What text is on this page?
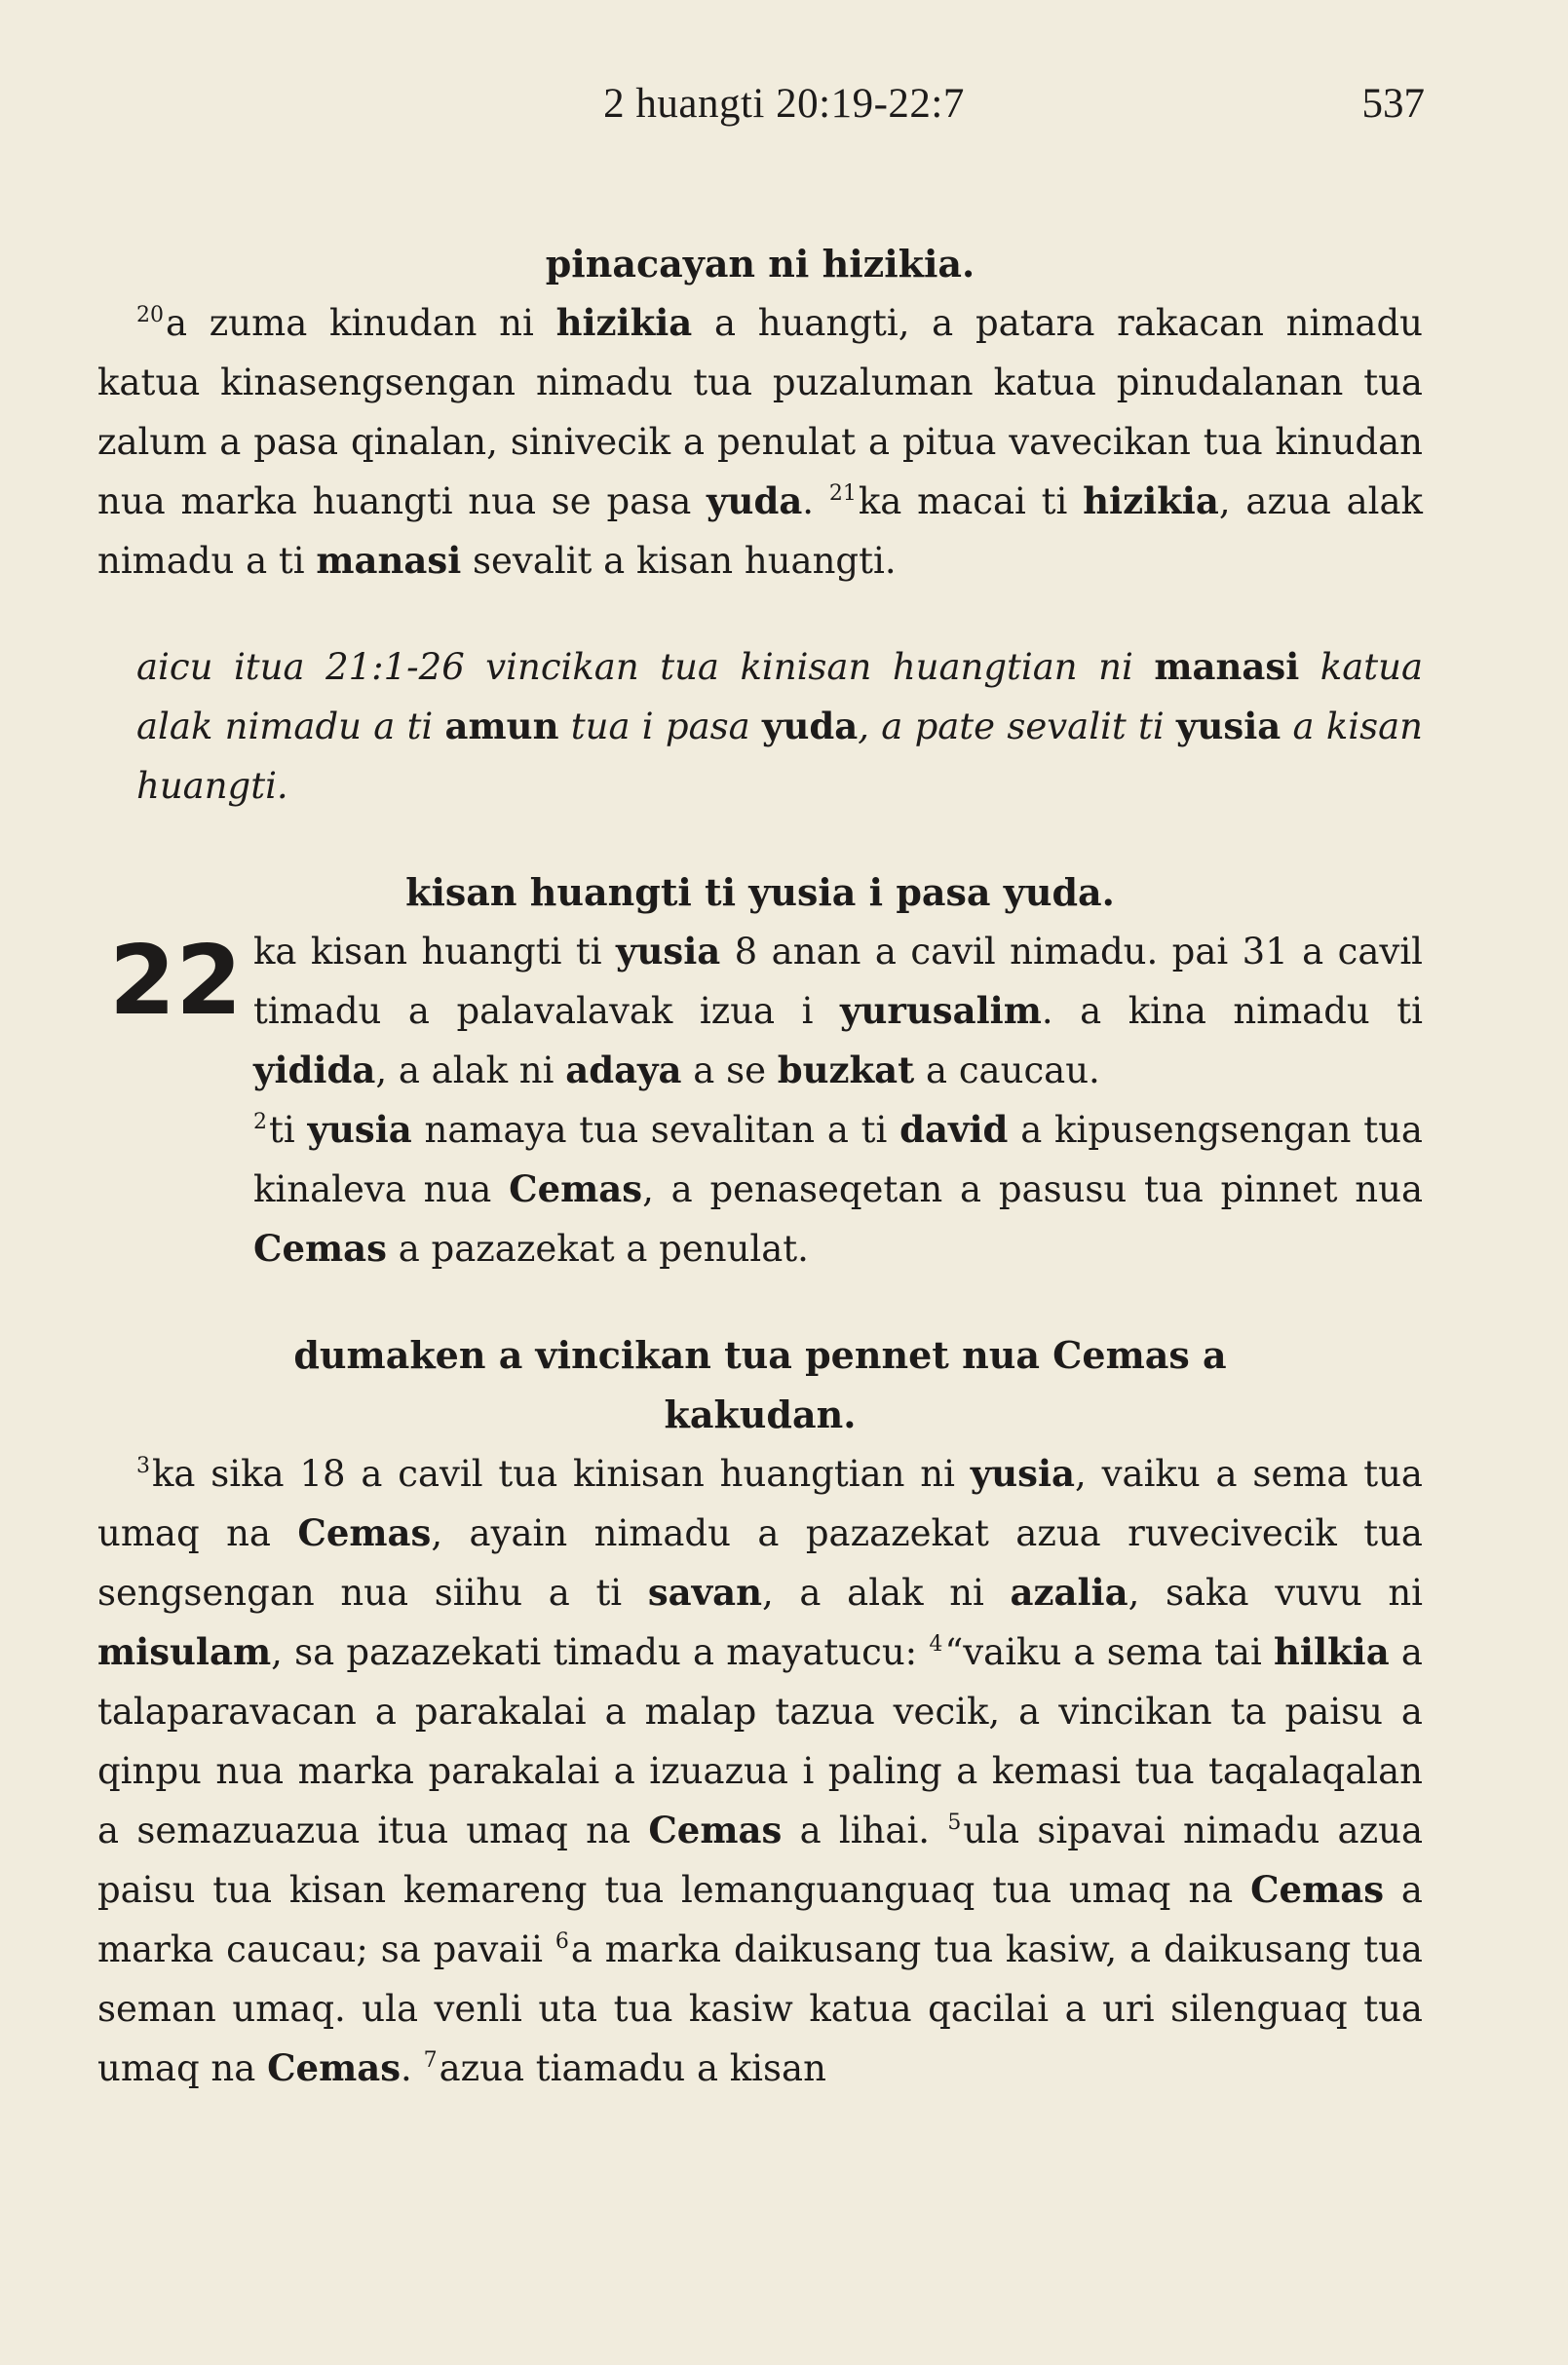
2 huangti 20:19-22:7	537

pinacayan ni hizikia.

$^{20}$a zuma kinudan ni hizikia a huangti, a patara rakacan nimadu katua kinasengsengan nimadu tua puzaluman katua pinudalanan tua zalum a pasa qinalan, sinivecik a penulat a pitua vavecikan tua kinudan nua marka huangti nua se pasa yuda. $^{21}$ka macai ti hizikia, azua alak nimadu a ti manasi sevalit a kisan huangti.

aicu itua 21:1-26 vincikan tua kinisan huangtian ni manasi katua alak nimadu a ti amun tua i pasa yuda, a pate sevalit ti yusia a kisan huangti.

kisan huangti ti yusia i pasa yuda.

22 ka kisan huangti ti yusia 8 anan a cavil nimadu. pai 31 a cavil timadu a palavalavak izua i yurusalim. a kina nimadu ti yidida, a alak ni adaya a se buzkat a caucau.
$^2$ti yusia namaya tua sevalitan a ti david a kipusengsengan tua kinaleva nua Cemas, a penaseqetan a pasusu tua pinnet nua Cemas a pazazekat a penulat.

dumaken a vincikan tua pennet nua Cemas a
kakudan.

$^3$ka sika 18 a cavil tua kinisan huangtian ni yusia, vaiku a sema tua umaq na Cemas, ayain nimadu a pazazekat azua ruvecivecik tua sengsengan nua siihu a ti savan, a alak ni azalia, saka vuvu ni misulam, sa pazazekati timadu a mayatucu: $^4$“vaiku a sema tai hilkia a talaparavacan a parakalai a malap tazua vecik, a vincikan ta paisu a qinpu nua marka parakalai a izuazua i paling a kemasi tua taqalaqalan a semazuazua itua umaq na Cemas a lihai. $^5$ula sipavai nimadu azua paisu tua kisan kemareng tua lemanguanguaq tua umaq na Cemas a marka caucau; sa pavaii $^6$a marka daikusang tua kasiw, a daikusang tua seman umaq. ula venli uta tua kasiw katua qacilai a uri silenguaq tua umaq na Cemas. $^7$azua tiamadu a kisan
